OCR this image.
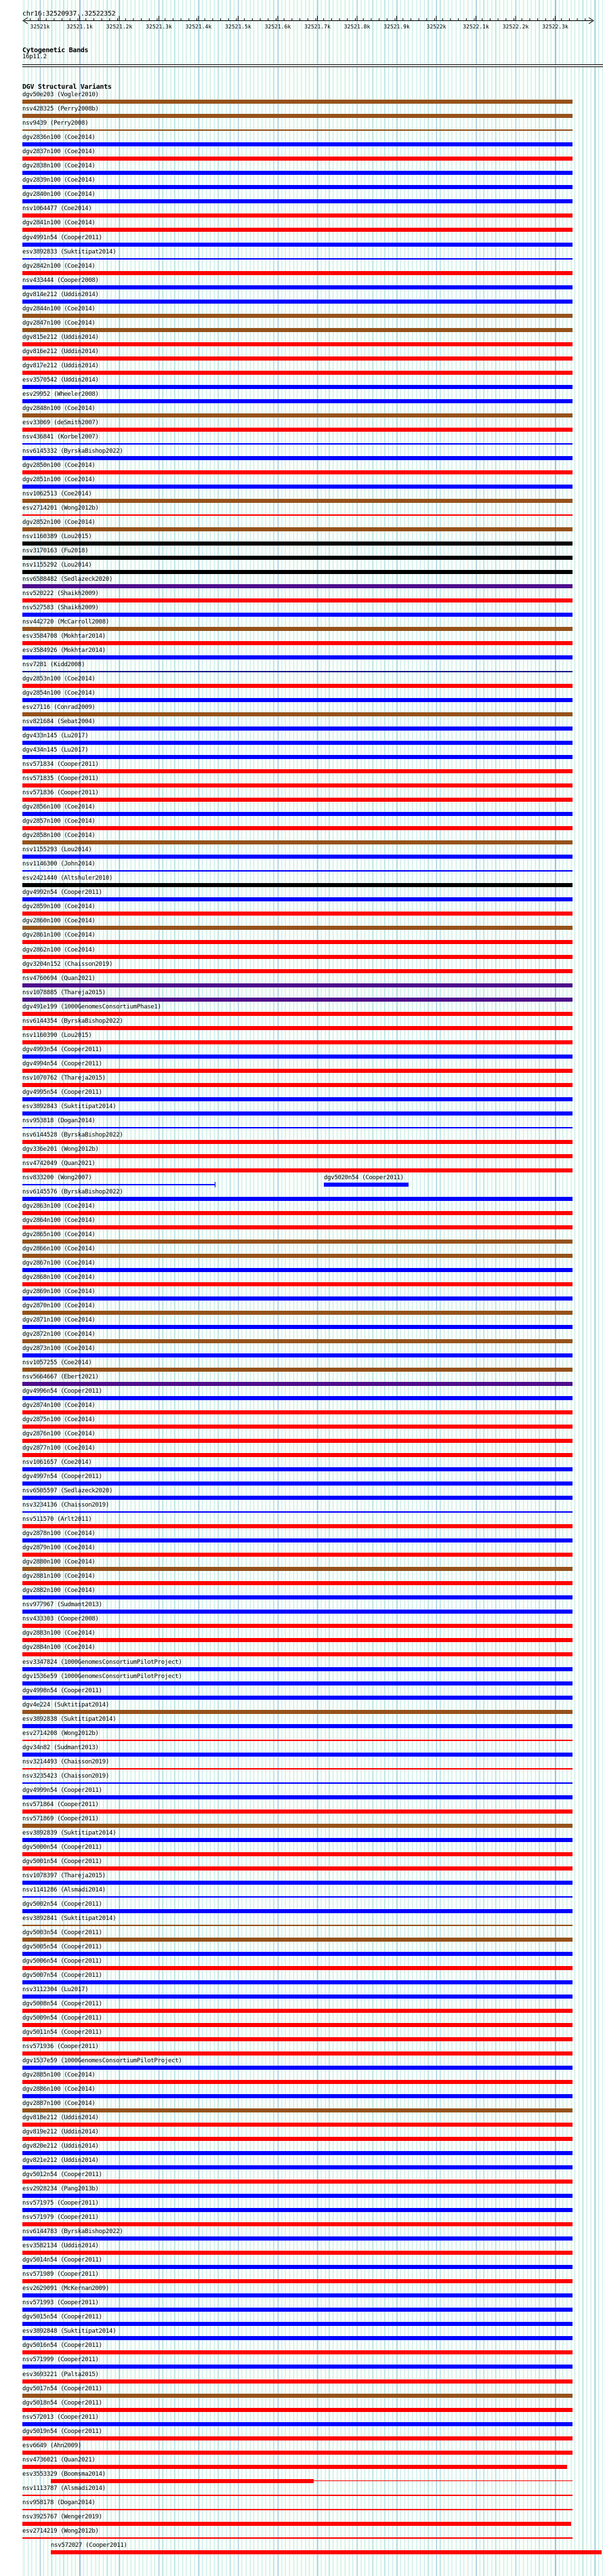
chr16:32520937..32522352
32521k	32521.1k 32521.2k 32521.3k 32521.4k 32521.5k 32521.6k 32521.7k 32521.8k 32521.9k	32522k	32522.1k 32522.2k 32522.3k
Cytogenetic Bands
16p11.2
DGV Structural Variants
dgv50e203 (Vogler2010)
nsv428325 (Perry2008b)
nsv9439 (Perry2008)
dgv2836n100 (Coe2014)
dgv2837n100 (Coe2014)
dgv2838n100 (Coe2014)
dgv2839n100 (Coe2014)
dgv2840n100 (Coe2014)
nsv1064477 (Coe2014)
dgv2841n100 (Coe2014)
dgv4991n54 (Cooper2011)
esv3892833 (Suktitipat2014)
dgv2842n100 (Coe2014)
nsv433444 (Cooper2008)
dgv814e212 (Uddin2014)
dgv2844n100 (Coe2014)
dgv2847n100 (Coe2014)
dgv815e212 (Uddin2014)
dgv816e212 (Uddin2014)
dgv817e212 (Uddin2014)
esv3570542 (Uddin2014)
esv29952 (Wheeler2008)
dgv2848n100 (Coe2014)
esv33069 (deSmith2007)
nsv436841 (Korbel2007)
nsv6145332 (ByrskaBishop2022)
dgv2850n100 (Coe2014)
dgv2851n100 (Coe2014)
nsv1062513 (Coe2014)
esv2714201 (Wong2012b)
dgv2852n100 (Coe2014)
nsv1160389 (Lou2015)
nsv3170163 (Fu2018)
nsv1155292 (Lou2014)
nsv6588482 (Sedlazeck2020)
nsv520222 (Shaikh2009)
nsv527583 (Shaikh2009)
nsv442720 (McCarroll2008)
esv3584708 (Mokhtar2014)
esv3584926 (Mokhtar2014)
nsv7281 (Kidd2008)
dgv2853n100 (Coe2014)
dgv2854n100 (Coe2014)
esv27116 (Conrad2009)
nsv821684 (Sebat2004)
dgv433n145 (Lu2017)
dgv434n145 (Lu2017)
nsv571834 (Cooper2011)
nsv571835 (Cooper2011)
nsv571836 (Cooper2011)
dgv2856n100 (Coe2014)
dgv2857n100 (Coe2014)
dgv2858n100 (Coe2014)
nsv1155293 (Lou2014)
nsv1146300 (John2014)
esv2421440 (Altshuler2010)
dgv4992n54 (Cooper2011)
dgv2859n100 (Coe2014)
dgv2860n100 (Coe2014)
dgv2861n100 (Coe2014)
dgv2862n100 (Coe2014)
dgv3204n152 (Chaisson2019)
nsv4760694 (Quan2021)
nsv1078885 (Thareja2015)
dgv491e199 (1000GenomesConsortiumPhase1)
nsv6144354 (ByrskaBishop2022)
nsv1160390 (Lou2015)
dgv4993n54 (Cooper2011)
dgv4994n54 (Cooper2011)
nsv1070762 (Thareja2015)
dgv4995n54 (Cooper2011)
esv3892843 (Suktitipat2014)
nsv953818 (Dogan2014)
nsv6144528 (ByrskaBishop2022)
dgv336e201 (Wong2012b)
nsv4742049 (Quan2021)
nsv833200 (Wong2007)	dgv5020n54 (Cooper2011)
nsv6145576 (ByrskaBishop2022)
dgv2863n100 (Coe2014)
dgv2864n100 (Coe2014)
dgv2865n100 (Coe2014)
dgv2866n100 (Coe2014)
dgv2867n100 (Coe2014)
dgv2868n100 (Coe2014)
dgv2869n100 (Coe2014)
dgv2870n100 (Coe2014)
dgv2871n100 (Coe2014)
dgv2872n100 (Coe2014)
dgv2873n100 (Coe2014)
nsv1057255 (Coe2014)
nsv5664667 (Ebert2021)
dgv4996n54 (Cooper2011)
dgv2874n100 (Coe2014)
dgv2875n100 (Coe2014)
dgv2876n100 (Coe2014)
dgv2877n100 (Coe2014)
nsv1061657 (Coe2014)
dgv4997n54 (Cooper2011)
nsv6505597 (Sedlazeck2020)
nsv3234136 (Chaisson2019)
nsv511570 (Arlt2011)
dgv2878n100 (Coe2014)
dgv2879n100 (Coe2014)
dgv2880n100 (Coe2014)
dgv2881n100 (Coe2014)
dgv2882n100 (Coe2014)
nsv977967 (Sudmant2013)
nsv433303 (Cooper2008)
dgv2883n100 (Coe2014)
dgv2884n100 (Coe2014)
esv3347824 (1000GenomesConsortiumPilotProject)
dgv1536e59 (1000GenomesConsortiumPilotProject)
dgv4998n54 (Cooper2011)
dgv4e224 (Suktitipat2014)
esv3892838 (Suktitipat2014)
esv2714208 (Wong2012b)
dgv34n82 (Sudmant2013)
nsv3214493 (Chaisson2019)
nsv3235423 (Chaisson2019)
dgv4999n54 (Cooper2011)
nsv571864 (Cooper2011)
nsv571869 (Cooper2011)
esv3892839 (Suktitipat2014)
dgv5000n54 (Cooper2011)
dgv5001n54 (Cooper2011)
nsv1078397 (Thareja2015)
nsv1141286 (Alsmadi2014)
dgv5002n54 (Cooper2011)
esv3892841 (Suktitipat2014)
dgv5003n54 (Cooper2011)
dgv5005n54 (Cooper2011)
dgv5006n54 (Cooper2011)
dgv5007n54 (Cooper2011)
nsv3112304 (Lu2017)
dgv5008n54 (Cooper2011)
dgv5009n54 (Cooper2011)
dgv5011n54 (Cooper2011)
nsv571936 (Cooper2011)
dgv1537e59 (1000GenomesConsortiumPilotProject)
dgv2885n100 (Coe2014)
dgv2886n100 (Coe2014)
dgv2887n100 (Coe2014)
dgv818e212 (Uddin2014)
dgv819e212 (Uddin2014)
dgv820e212 (Uddin2014)
dgv821e212 (Uddin2014)
dgv5012n54 (Cooper2011)
esv2928234 (Pang2013b)
nsv571975 (Cooper2011)
nsv571979 (Cooper2011)
nsv6144783 (ByrskaBishop2022)
esv3582134 (Uddin2014)
dgv5014n54 (Cooper2011)
nsv571989 (Cooper2011)
esv2629091 (McKernan2009)
nsv571993 (Cooper2011)
dgv5015n54 (Cooper2011)
esv3892848 (Suktitipat2014)
dgv5016n54 (Cooper2011)
nsv571999 (Cooper2011)
esv3693221 (Palta2015)
dgv5017n54 (Cooper2011)
dgv5018n54 (Cooper2011)
nsv572013 (Cooper2011)
dgv5019n54 (Cooper2011)
esv6649 (Ahn2009)
nsv4736021 (Quan2021)
esv3553329 (Boomsma2014)
nsv1113787 (Alsmadi2014)
nsv958178 (Dogan2014)
nsv3925767 (Wenger2019)
esv2714219 (Wong2012b)
nsv572027 (Cooper2011)
